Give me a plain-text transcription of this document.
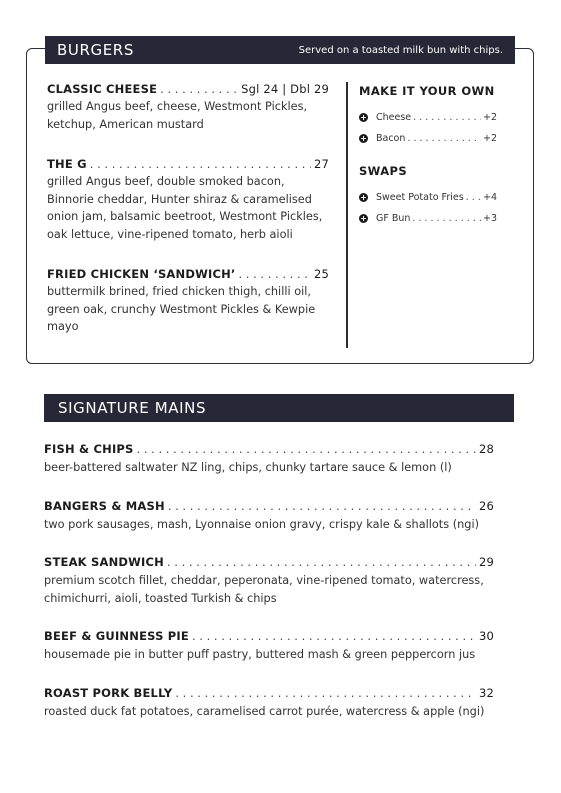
BURGERS	Served on a toasted milk bun with chips.
CLASSIC CHEESE . . .	Sgl 24 | Dbl 29
grilled Angus beef, cheese, Westmont Pickles, ketchup, American mustard
THE G . . .	27
grilled Angus beef, double smoked bacon, Binnorie cheddar, Hunter shiraz & caramelised onion jam, balsamic beetroot, Westmont Pickles, oak lettuce, vine-ripened tomato, herb aioli
FRIED CHICKEN ‘SANDWICH’ . . .	25
buttermilk brined, fried chicken thigh, chilli oil, green oak, crunchy Westmont Pickles & Kewpie mayo
MAKE IT YOUR OWN
+ Cheese . . .	+2
+ Bacon . . .	+2
SWAPS
+ Sweet Potato Fries . . . +4
+ GF Bun . . .	+3
SIGNATURE MAINS
FISH & CHIPS . . .	28
beer-battered saltwater NZ ling, chips, chunky tartare sauce & lemon (l)
BANGERS & MASH . . .	26
two pork sausages, mash, Lyonnaise onion gravy, crispy kale & shallots (ngi)
STEAK SANDWICH . . .	29
premium scotch fillet, cheddar, peperonata, vine-ripened tomato, watercress, chimichurri, aioli, toasted Turkish & chips
BEEF & GUINNESS PIE . . .	30
housemade pie in butter puff pastry, buttered mash & green peppercorn jus
ROAST PORK BELLY . . .	32
roasted duck fat potatoes, caramelised carrot purée, watercress & apple (ngi)
